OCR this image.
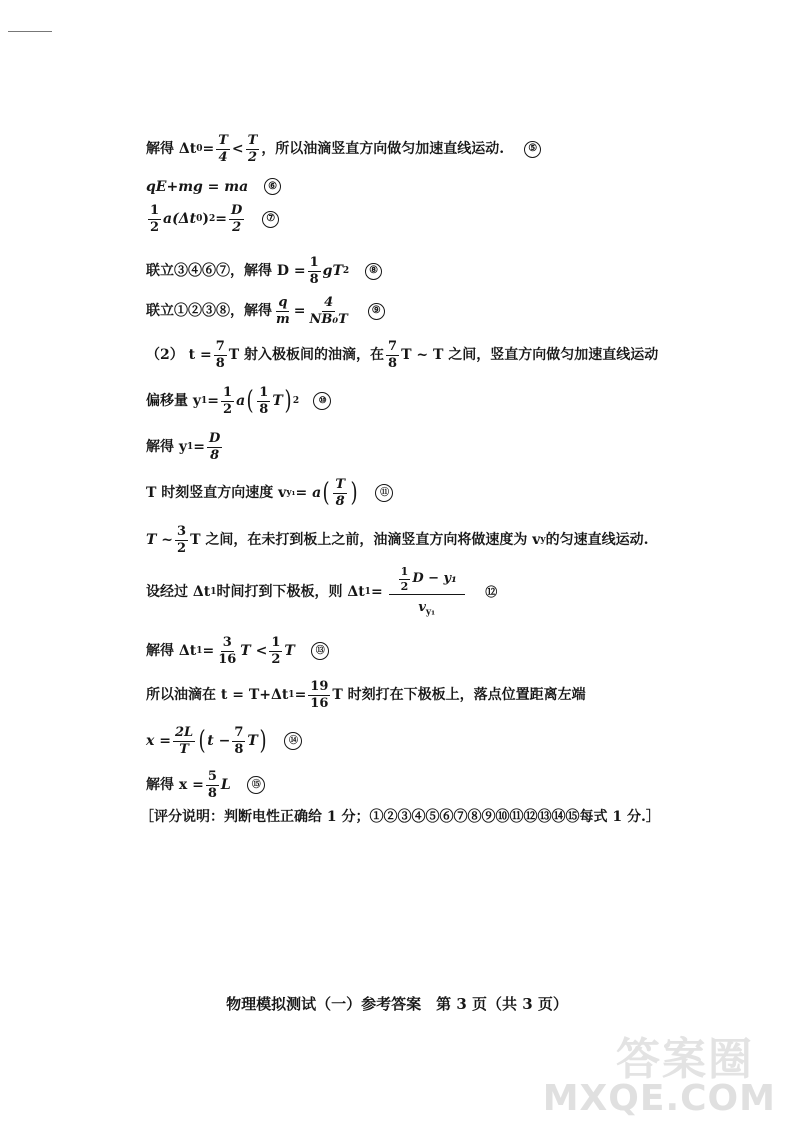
解得 Δt $0 = \frac{T}{4} < \frac{T}{2}$ ，所以油滴竖直方向做匀加速直线运动.	⑤
qE+mg = ma	⑥
$\frac{1}{2} a(\Delta t$ 0 ) $2 = \frac{D}{2}$	⑦
联立③④⑥⑦，解得 $D = \frac{1}{8}$ gT 2	⑧
联立①②③⑧，解得 $\frac{q}{m} = \frac{4}{\text{NB₀T}}$	⑨
（2） $t = \frac{7}{8}$ T 射入极板间的油滴，在 $\frac{7}{8}$ T ~ T 之间，竖直方向做匀加速直线运动
偏移量 y $1 = \frac{1}{2}$ a ( $\frac{1}{8}$ T ) 2	⑩
解得 y $1 = \frac{D}{8}$
T 时刻竖直方向速度 v y₁ = a ( $\frac{T}{8}$ )	⑪
T ~ $\frac{3}{2}$ T 之间，在未打到板上之前，油滴竖直方向将做速度为 v y 的匀速直线运动.
设经过 Δt 1 时间打到下极板，则 Δt $1 = \frac{\frac{1}{2} D - y_1}{v_{y_1}}$ ⑫
解得 Δt $1 = \frac{3}{16}$ $T < \frac{1}{2}$ T	⑬
所以油滴在 t = T+Δt $1 = \frac{19}{16}$ T 时刻打在下极板上，落点位置距离左端
$x = \frac{2L}{T}$ ( $t - \frac{7}{8}$ T )	⑭
解得 $x = \frac{5}{8}$ L	⑮
［评分说明：判断电性正确给 1 分；①②③④⑤⑥⑦⑧⑨⑩⑪⑫⑬⑭⑮每式 1 分.］
物理模拟测试（一）参考答案　第 3 页（共 3 页）
答案圈
MXQE.COM
